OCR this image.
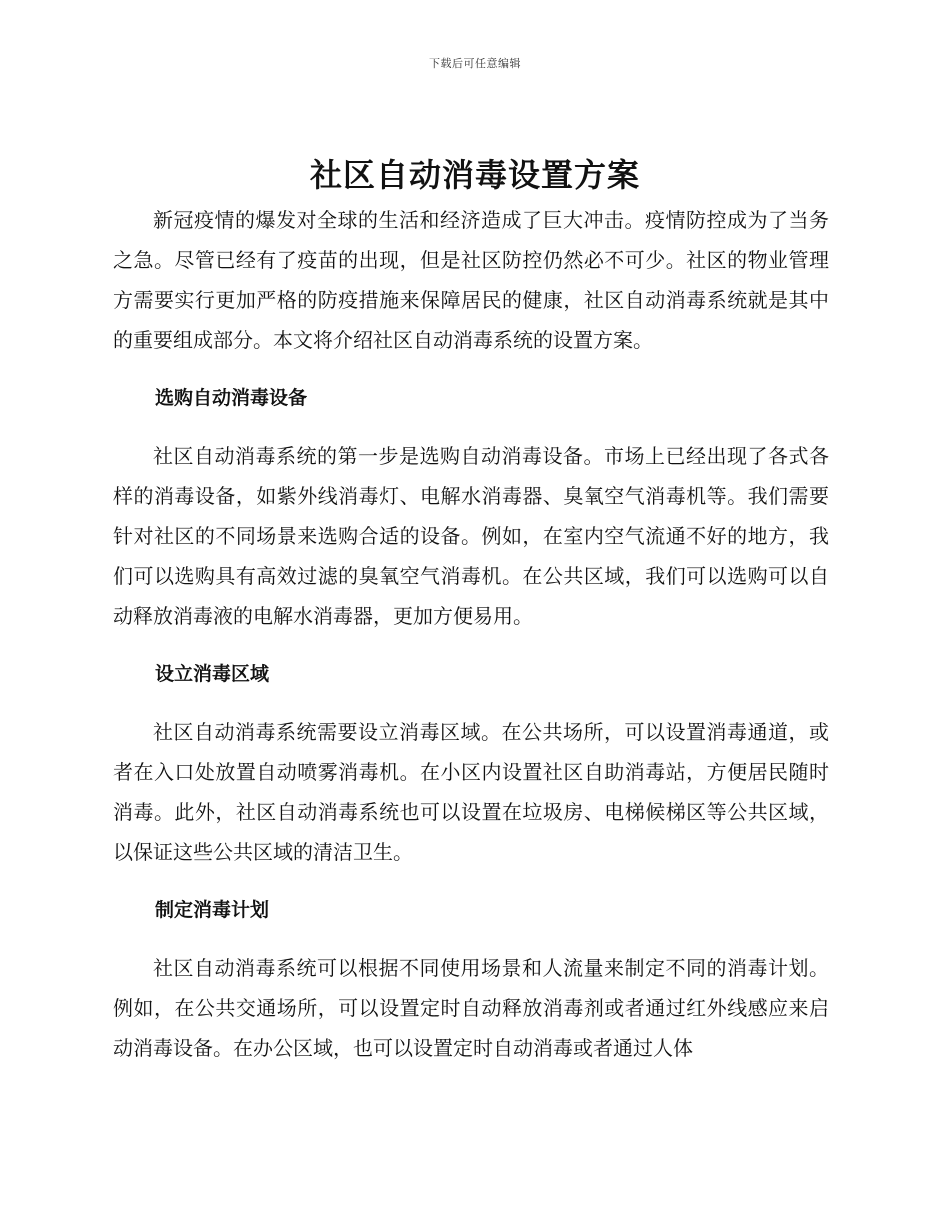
下载后可任意编辑
社区自动消毒设置方案

新冠疫情的爆发对全球的生活和经济造成了巨大冲击。疫情防控成为了当务之急。尽管已经有了疫苗的出现，但是社区防控仍然必不可少。社区的物业管理方需要实行更加严格的防疫措施来保障居民的健康，社区自动消毒系统就是其中的重要组成部分。本文将介绍社区自动消毒系统的设置方案。

选购自动消毒设备

社区自动消毒系统的第一步是选购自动消毒设备。市场上已经出现了各式各样的消毒设备，如紫外线消毒灯、电解水消毒器、臭氧空气消毒机等。我们需要针对社区的不同场景来选购合适的设备。例如，在室内空气流通不好的地方，我们可以选购具有高效过滤的臭氧空气消毒机。在公共区域，我们可以选购可以自动释放消毒液的电解水消毒器，更加方便易用。

设立消毒区域

社区自动消毒系统需要设立消毒区域。在公共场所，可以设置消毒通道，或者在入口处放置自动喷雾消毒机。在小区内设置社区自助消毒站，方便居民随时消毒。此外，社区自动消毒系统也可以设置在垃圾房、电梯候梯区等公共区域，以保证这些公共区域的清洁卫生。

制定消毒计划

社区自动消毒系统可以根据不同使用场景和人流量来制定不同的消毒计划。例如，在公共交通场所，可以设置定时自动释放消毒剂或者通过红外线感应来启动消毒设备。在办公区域，也可以设置定时自动消毒或者通过人体
